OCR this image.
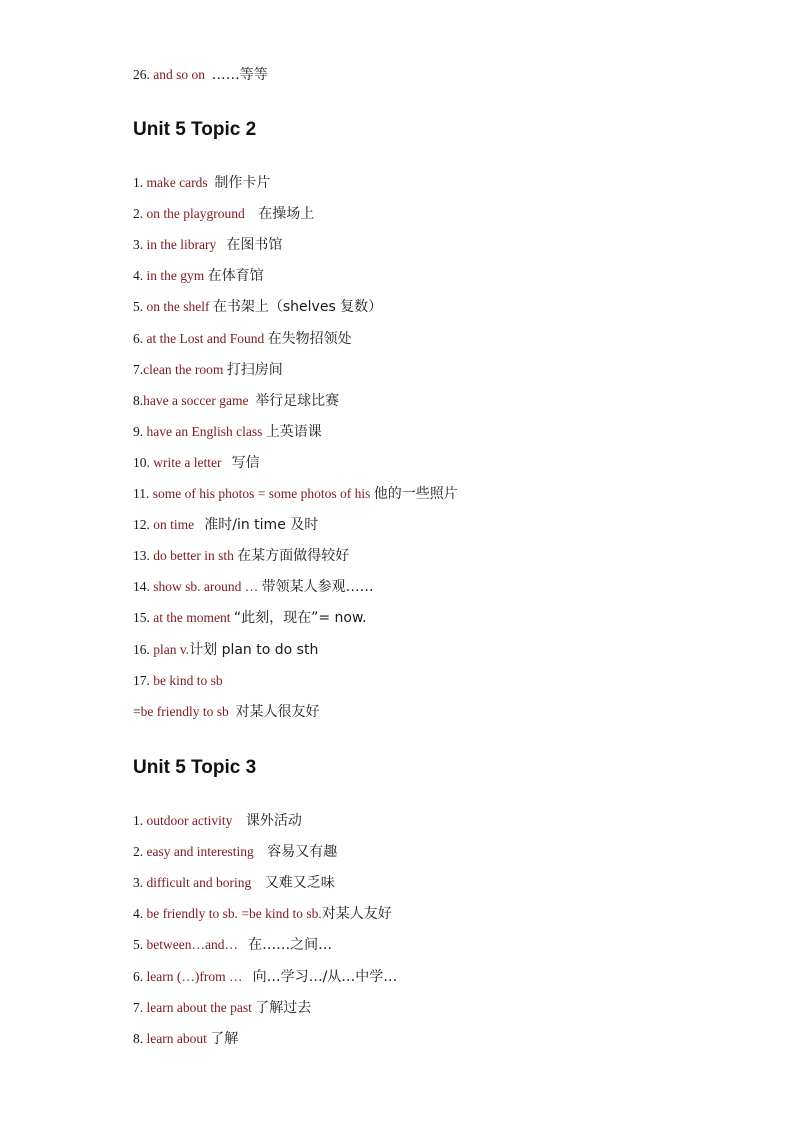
26. and so on ……等等
Unit 5 Topic 2
1. make cards 制作卡片
2. on the playground 在操场上
3. in the library 在图书馆
4. in the gym 在体育馆
5. on the shelf 在书架上（shelves 复数）
6. at the Lost and Found 在失物招领处
7.clean the room 打扫房间
8.have a soccer game 举行足球比赛
9. have an English class 上英语课
10. write a letter 写信
11. some of his photos = some photos of his 他的一些照片
12. on time 准时/in time 及时
13. do better in sth 在某方面做得较好
14. show sb. around … 带领某人参观……
15. at the moment “此刻，现在”= now.
16. plan v.计划 plan to do sth
17. be kind to sb
=be friendly to sb 对某人很友好
Unit 5 Topic 3
1. outdoor activity 课外活动
2. easy and interesting 容易又有趣
3. difficult and boring 又难又乏味
4. be friendly to sb. =be kind to sb.对某人友好
5. between…and… 在……之间…
6. learn (…)from … 向…学习…/从…中学…
7. learn about the past 了解过去
8. learn about 了解
